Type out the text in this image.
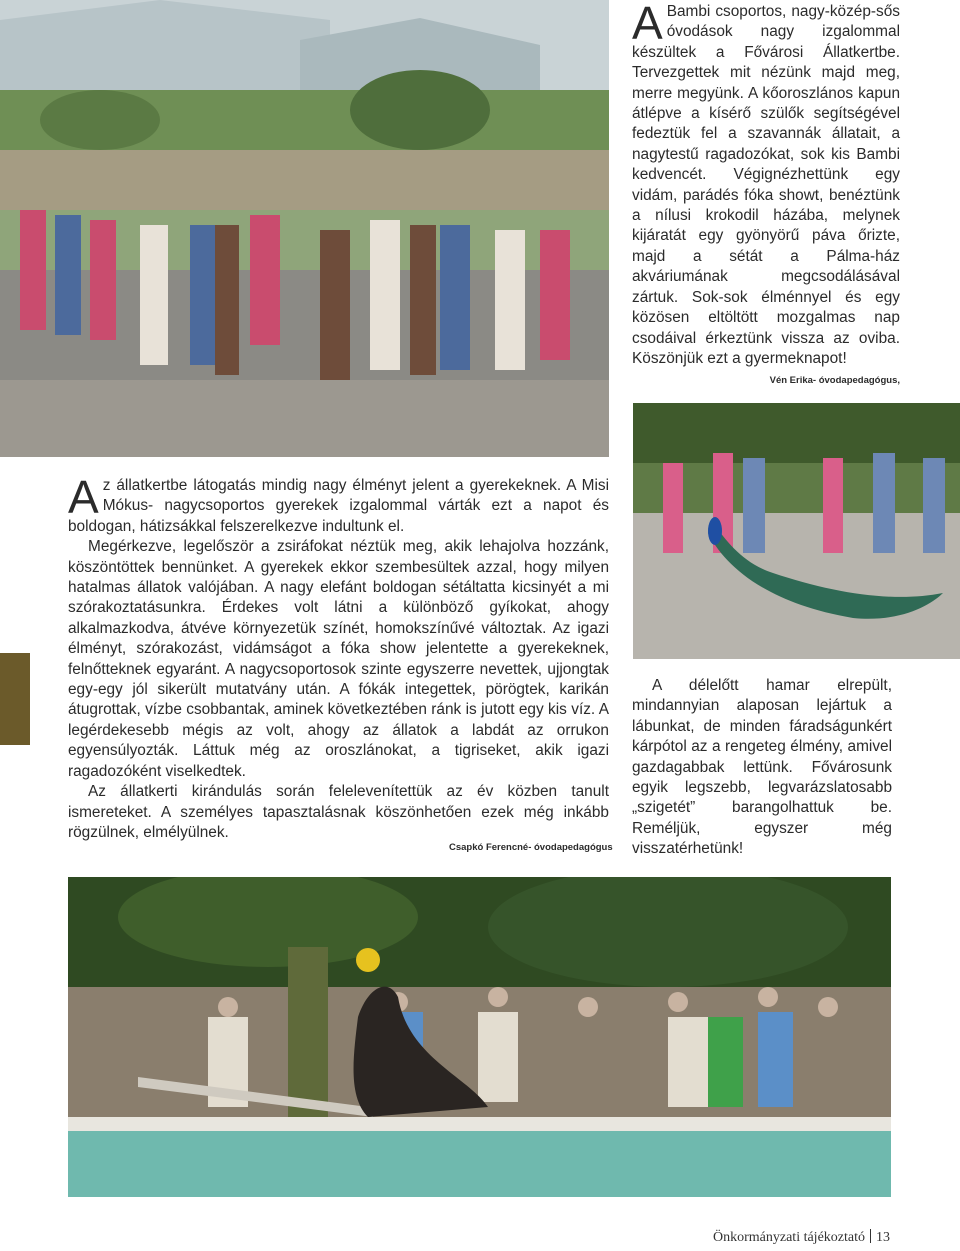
A Bambi csoportos, nagy-közép-sős óvodások nagy izgalommal készültek a Fővárosi Állatkertbe. Tervezgettek mit nézünk majd meg, merre megyünk. A kőoroszlános kapun átlépve a kísérő szülők segítségével fedeztük fel a szavannák állatait, a nagytestű ragadozókat, sok kis Bambi kedvencét. Végignézhettünk egy vidám, parádés fóka showt, benéztünk a nílusi krokodil házába, melynek kijáratát egy gyönyörű páva őrizte, majd a sétát a Pálma-ház akváriumának megcsodálásával zártuk. Sok-sok élménnyel és egy közösen eltöltött mozgalmas nap csodáival érkeztünk vissza az oviba. Köszönjük ezt a gyermeknapot!
Vén Erika- óvodapedagógus,

Az állatkertbe látogatás mindig nagy élményt jelent a gyerekeknek. A Misi Mókus- nagycsoportos gyerekek izgalommal várták ezt a napot és boldogan, hátizsákkal felszerelkezve indultunk el.

Megérkezve, legelőször a zsiráfokat néztük meg, akik lehajolva hozzánk, köszöntöttek bennünket. A gyerekek ekkor szembesültek azzal, hogy milyen hatalmas állatok valójában. A nagy elefánt boldogan sétáltatta kicsinyét a mi szórakoztatásunkra. Érdekes volt látni a különböző gyíkokat, ahogy alkalmazkodva, átvéve környezetük színét, homokszínűvé változtak. Az igazi élményt, szórakozást, vidámságot a fóka show jelentette a gyerekeknek, felnőtteknek egyaránt. A nagycsoportosok szinte egyszerre nevettek, ujjongtak egy-egy jól sikerült mutatvány után. A fókák integettek, pörögtek, karikán átugrottak, vízbe csobbantak, aminek következtében ránk is jutott egy kis víz. A legérdekesebb mégis az volt, ahogy az állatok a labdát az orrukon egyensúlyozták. Láttuk még az oroszlánokat, a tigriseket, akik igazi ragadozóként viselkedtek.

Az állatkerti kirándulás során felelevenítettük az év közben tanult ismereteket. A személyes tapasztalásnak köszönhetően ezek még inkább rögzülnek, elmélyülnek.

Csapkó Ferencné- óvodapedagógus

A délelőtt hamar elrepült, mindannyian alaposan lejártuk a lábunkat, de minden fáradságunkért kárpótol az a rengeteg élmény, amivel gazdagabbak lettünk. Fővárosunk egyik legszebb, legvarázslatosabb „szigetét” barangolhattuk be. Reméljük, egyszer még visszatérhetünk!

Önkormányzati tájékoztató 13
